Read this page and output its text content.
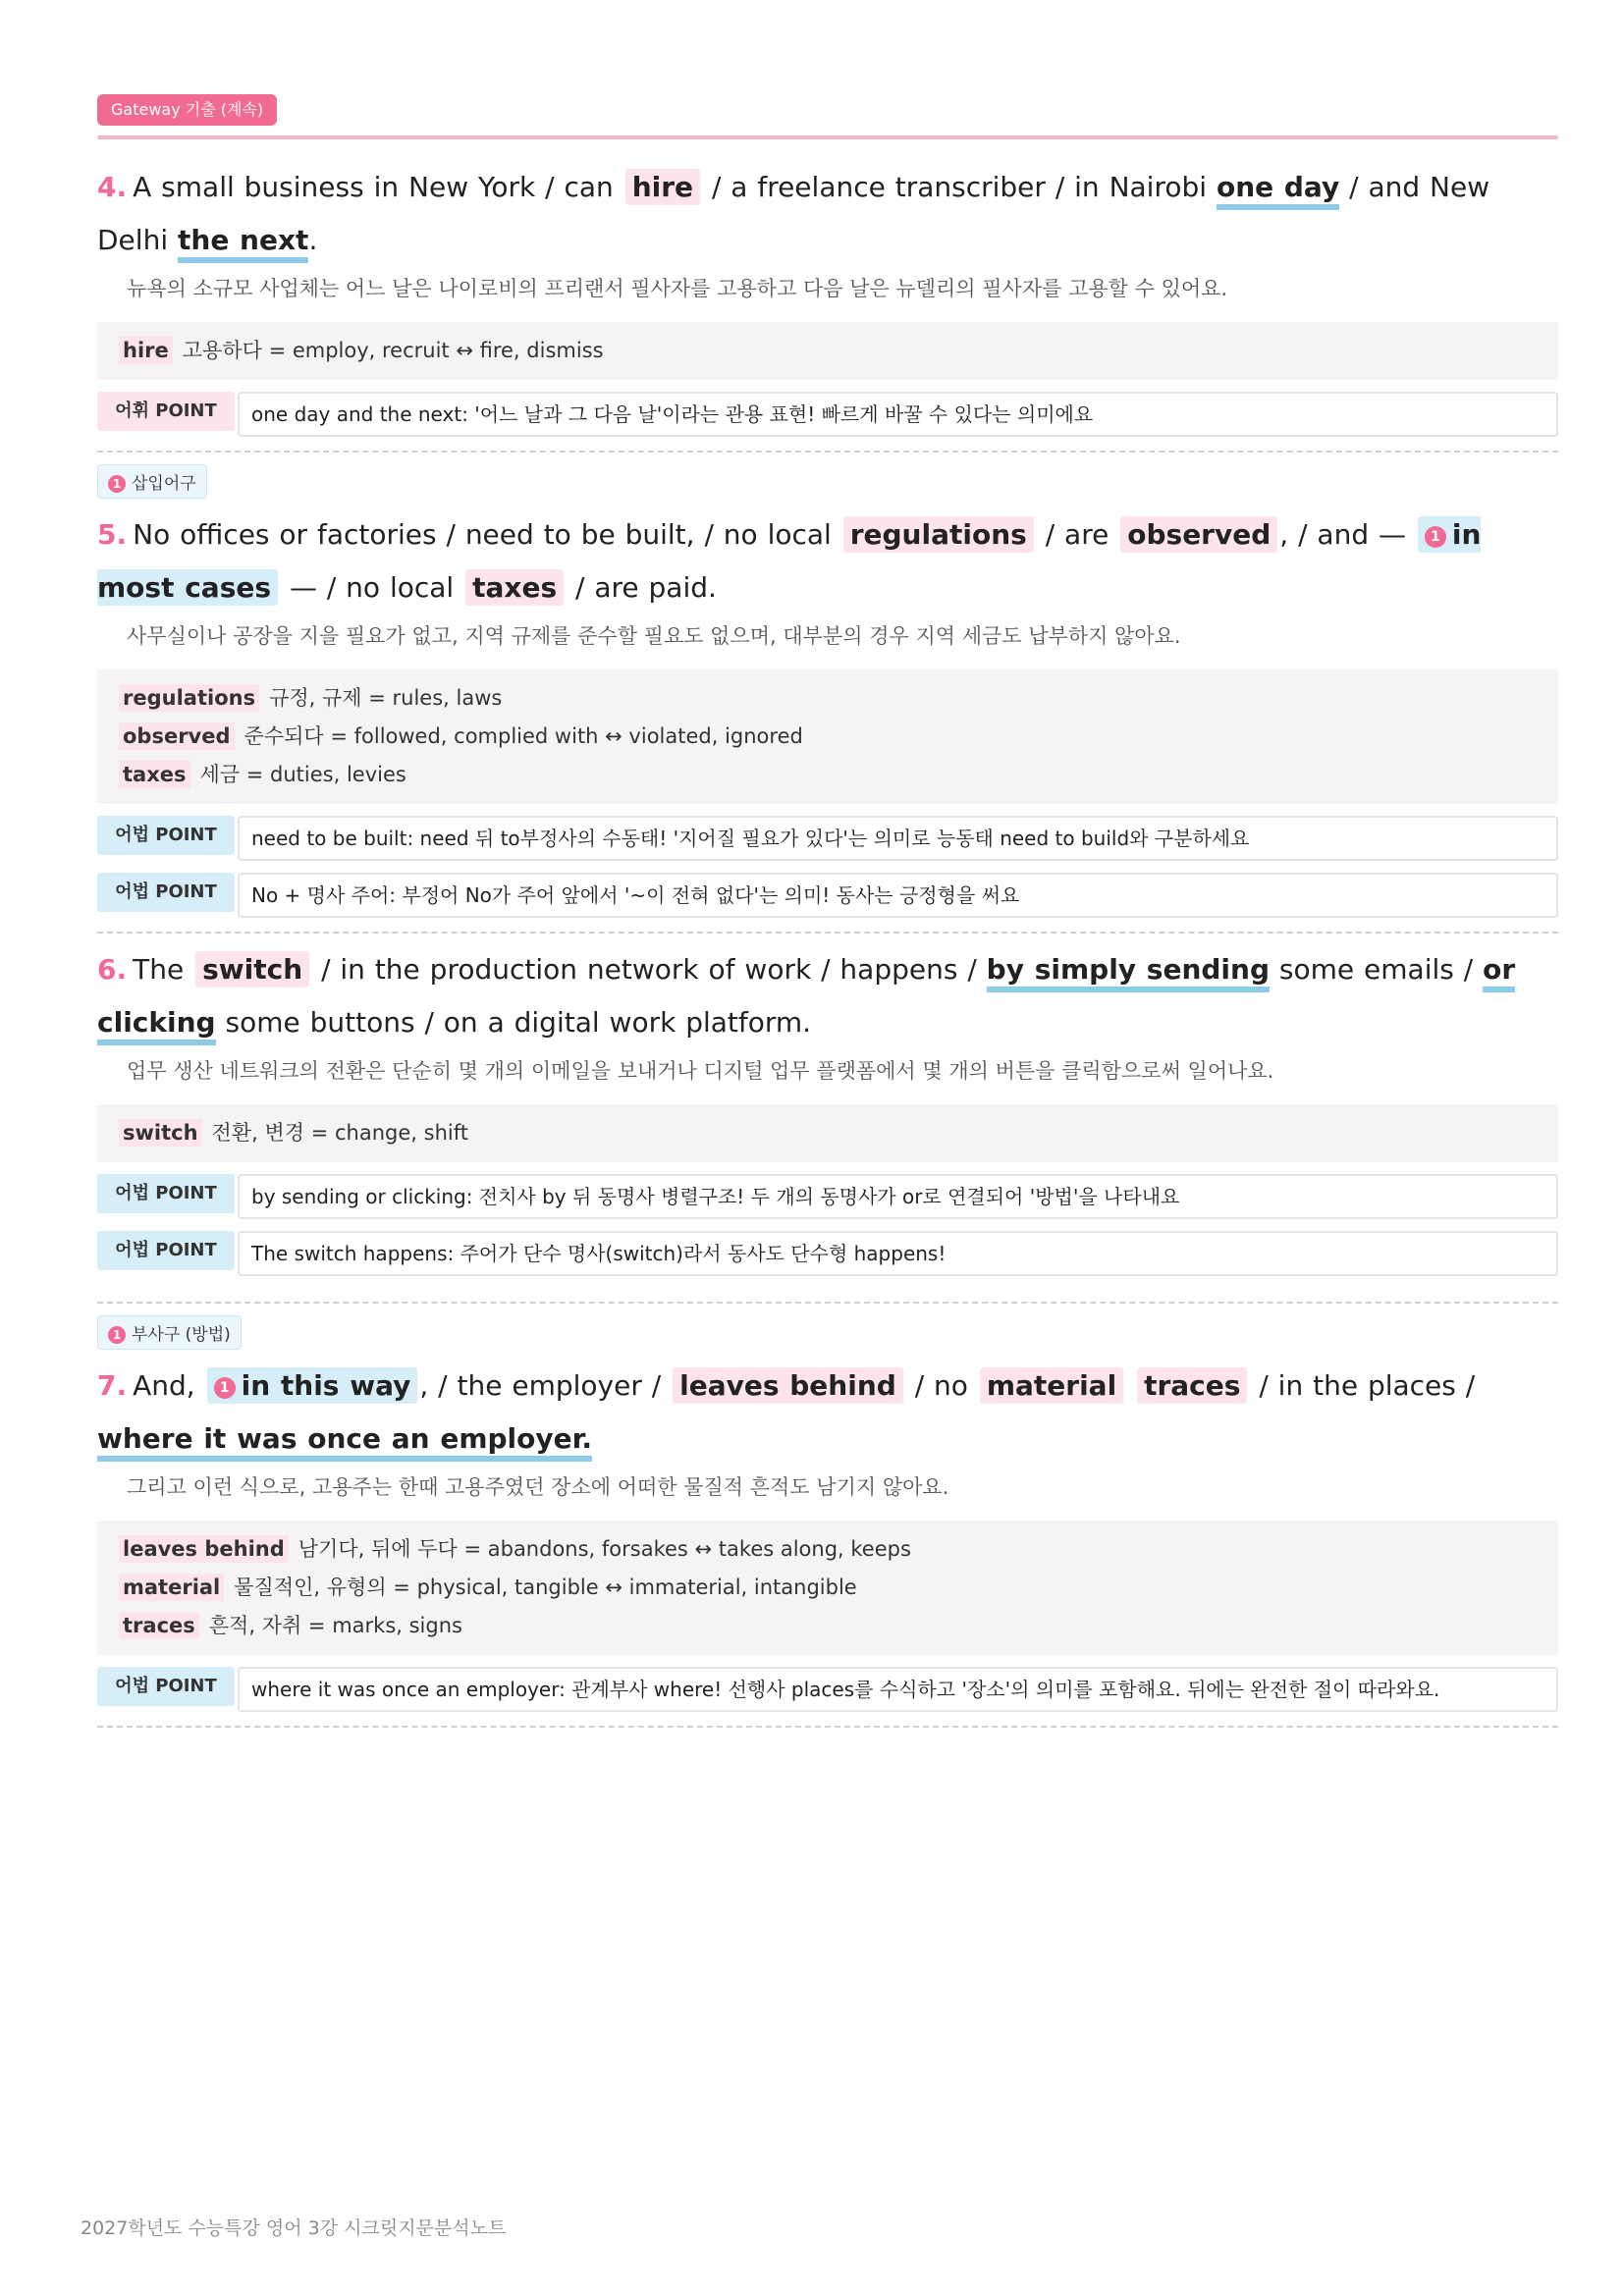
Gateway 기출 (계속)
4. A small business in New York / can hire / a freelance transcriber / in Nairobi one day / and New Delhi the next.
뉴욕의 소규모 사업체는 어느 날은 나이로비의 프리랜서 필사자를 고용하고 다음 날은 뉴델리의 필사자를 고용할 수 있어요.
hire 고용하다 = employ, recruit ↔ fire, dismiss
어휘 POINT	one day and the next: '어느 날과 그 다음 날'이라는 관용 표현! 빠르게 바꿀 수 있다는 의미에요
1 삽입어구
5. No offices or factories / need to be built, / no local regulations / are observed , / and — 1 in most cases — / no local taxes / are paid.
사무실이나 공장을 지을 필요가 없고, 지역 규제를 준수할 필요도 없으며, 대부분의 경우 지역 세금도 납부하지 않아요.
regulations 규정, 규제 = rules, laws
observed 준수되다 = followed, complied with ↔ violated, ignored
taxes 세금 = duties, levies
어법 POINT	need to be built: need 뒤 to부정사의 수동태! '지어질 필요가 있다'는 의미로 능동태 need to build와 구분하세요
어법 POINT	No + 명사 주어: 부정어 No가 주어 앞에서 '~이 전혀 없다'는 의미! 동사는 긍정형을 써요
6. The switch / in the production network of work / happens / by simply sending some emails / or clicking some buttons / on a digital work platform.
업무 생산 네트워크의 전환은 단순히 몇 개의 이메일을 보내거나 디지털 업무 플랫폼에서 몇 개의 버튼을 클릭함으로써 일어나요.
switch 전환, 변경 = change, shift
어법 POINT	by sending or clicking: 전치사 by 뒤 동명사 병렬구조! 두 개의 동명사가 or로 연결되어 '방법'을 나타내요
어법 POINT	The switch happens: 주어가 단수 명사(switch)라서 동사도 단수형 happens!
1 부사구 (방법)
7. And, 1 in this way , / the employer / leaves behind / no material traces / in the places / where it was once an employer.
그리고 이런 식으로, 고용주는 한때 고용주였던 장소에 어떠한 물질적 흔적도 남기지 않아요.
leaves behind 남기다, 뒤에 두다 = abandons, forsakes ↔ takes along, keeps
material 물질적인, 유형의 = physical, tangible ↔ immaterial, intangible
traces 흔적, 자취 = marks, signs
어법 POINT	where it was once an employer: 관계부사 where! 선행사 places를 수식하고 '장소'의 의미를 포함해요. 뒤에는 완전한 절이 따라와요.
2027학년도 수능특강 영어 3강 시크릿지문분석노트
